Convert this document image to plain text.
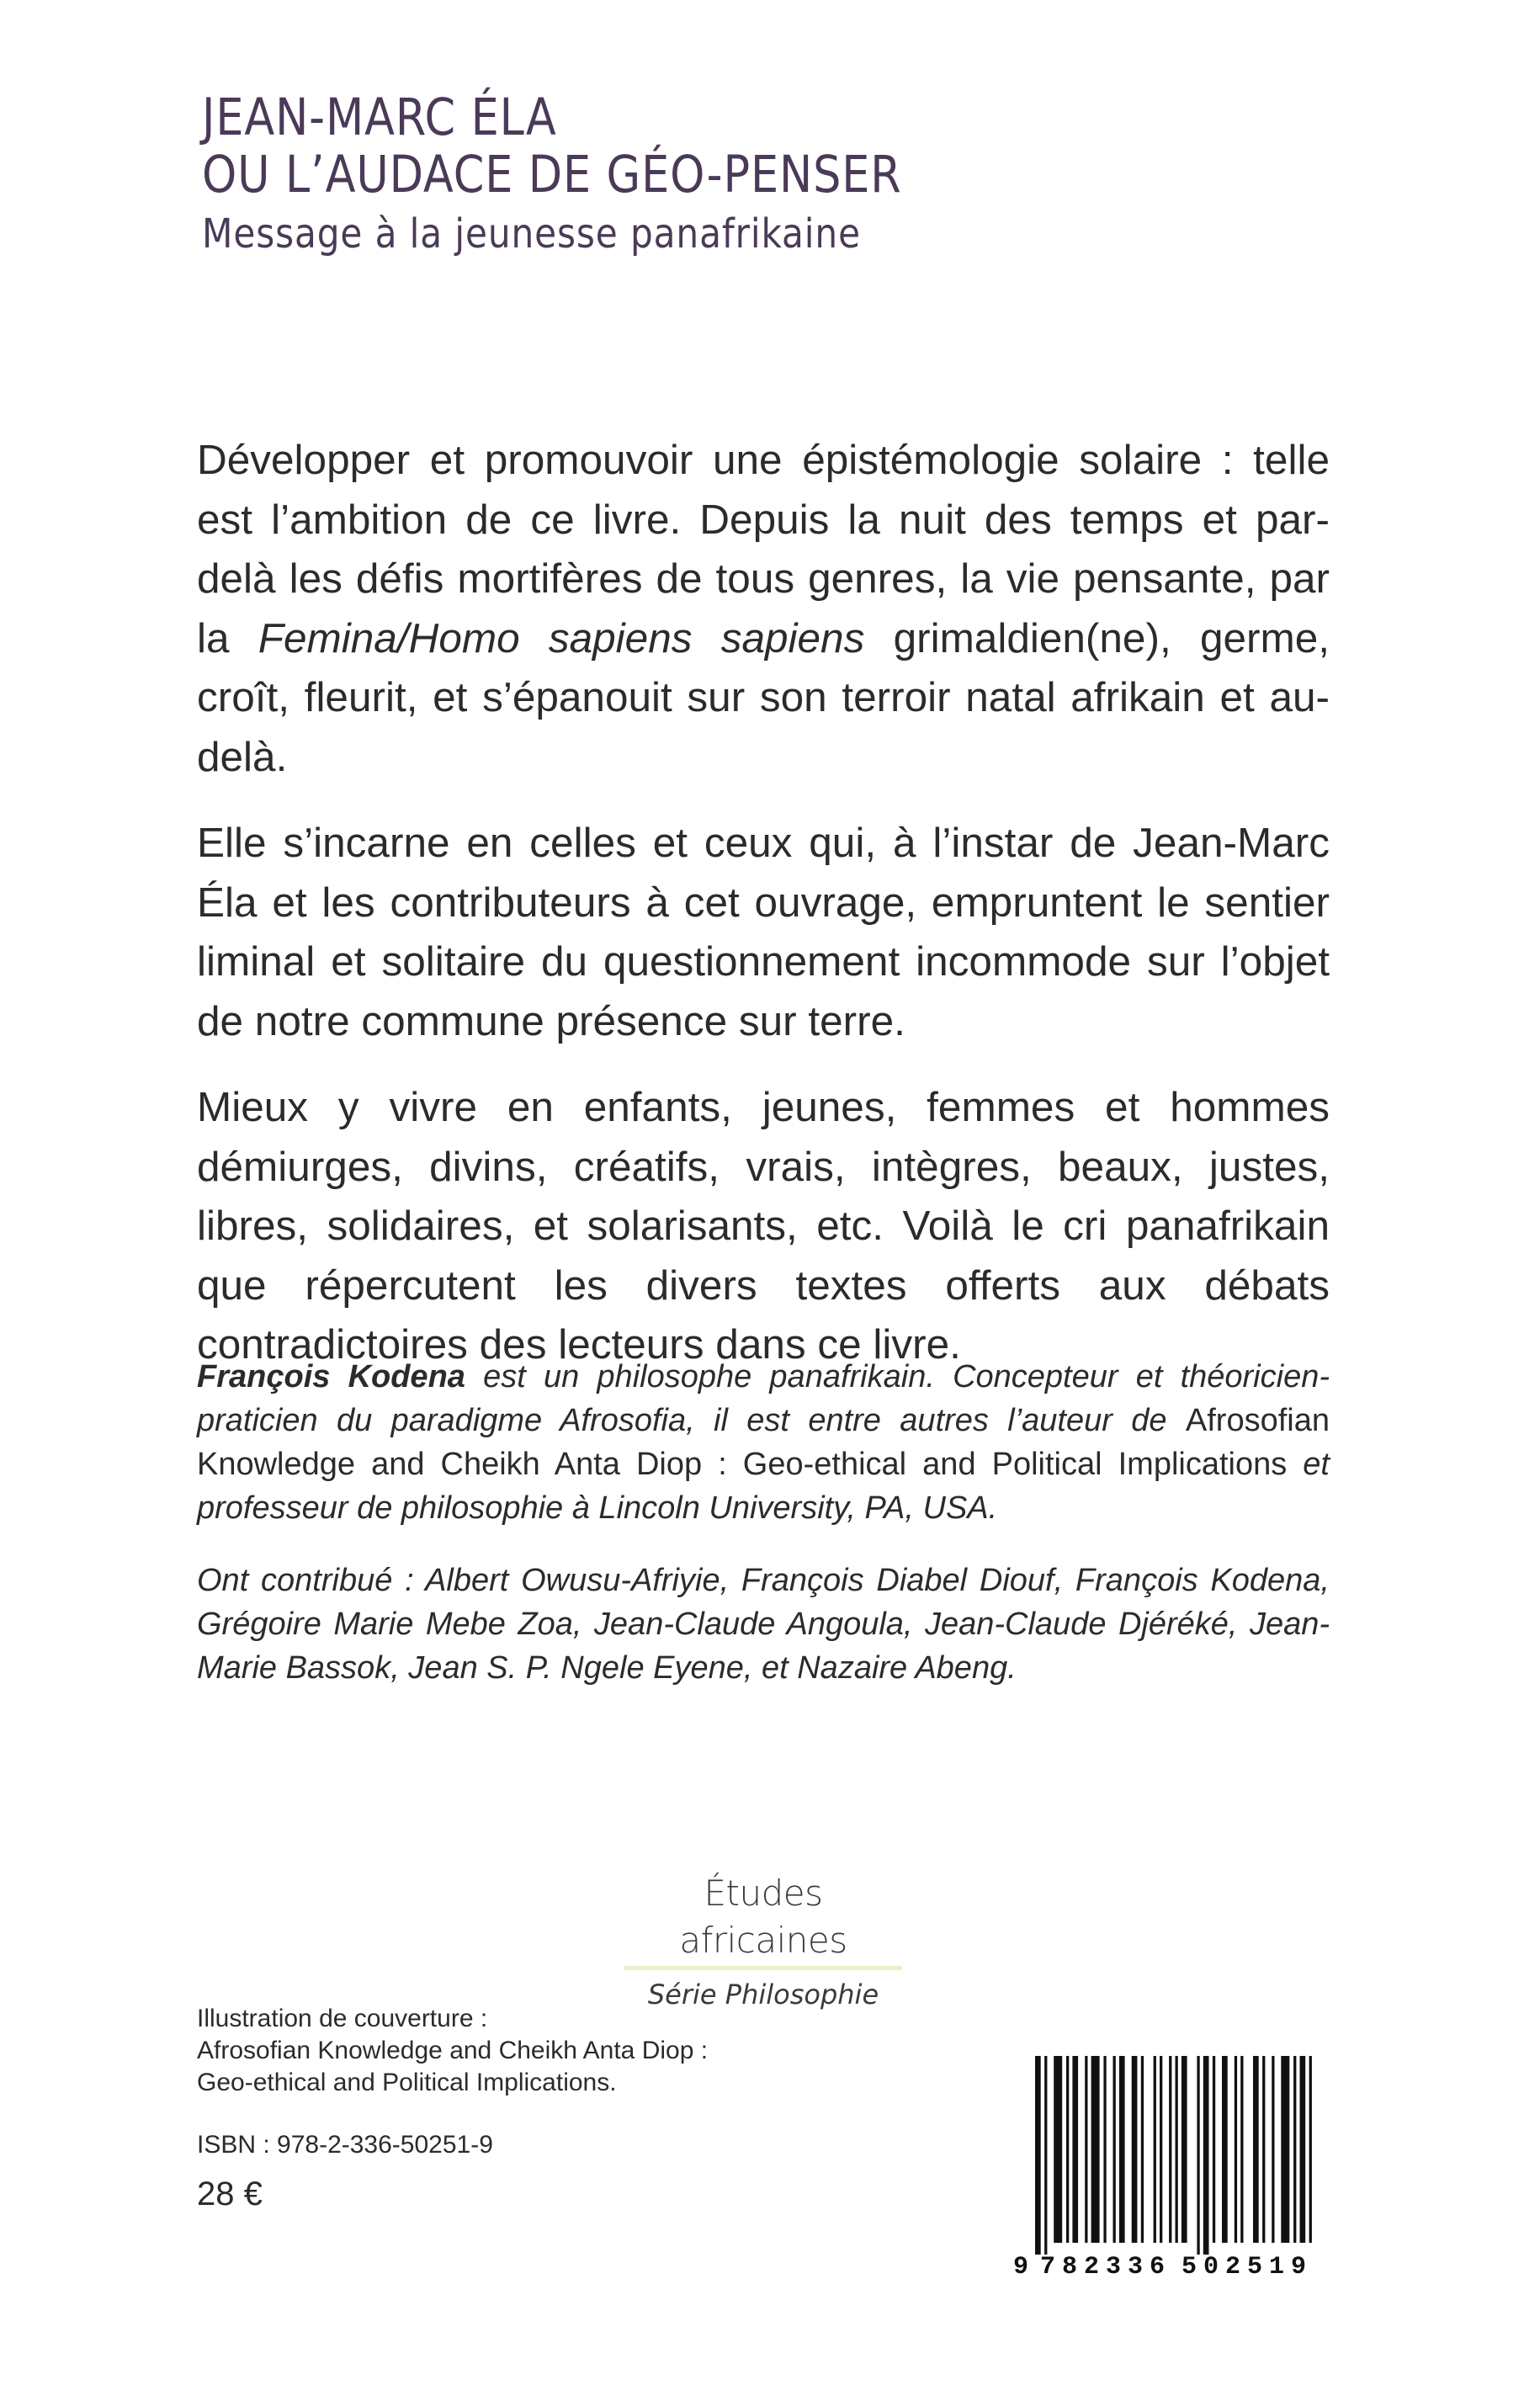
JEAN-MARC ÉLA
OU L’AUDACE DE GÉO-PENSER
Message à la jeunesse panafrikaine

Développer et promouvoir une épistémologie solaire : telle est l’ambition de ce livre. Depuis la nuit des temps et par-delà les défis mortifères de tous genres, la vie pensante, par la Femina/Homo sapiens sapiens grimaldien(ne), germe, croît, fleurit, et s’épanouit sur son terroir natal afrikain et au-delà.

Elle s’incarne en celles et ceux qui, à l’instar de Jean-Marc Éla et les contributeurs à cet ouvrage, empruntent le sentier liminal et solitaire du questionnement incommode sur l’objet de notre commune présence sur terre.

Mieux y vivre en enfants, jeunes, femmes et hommes démiurges, divins, créatifs, vrais, intègres, beaux, justes, libres, solidaires, et solarisants, etc. Voilà le cri panafrikain que répercutent les divers textes offerts aux débats contradictoires des lecteurs dans ce livre.

François Kodena est un philosophe panafrikain. Concepteur et théoricien-praticien du paradigme Afrosofia, il est entre autres l’auteur de Afrosofian Knowledge and Cheikh Anta Diop : Geo-ethical and Political Implications et professeur de philosophie à Lincoln University, PA, USA.

Ont contribué : Albert Owusu-Afriyie, François Diabel Diouf, François Kodena, Grégoire Marie Mebe Zoa, Jean-Claude Angoula, Jean-Claude Djéréké, Jean-Marie Bassok, Jean S. P. Ngele Eyene, et Nazaire Abeng.

Études africaines
Série Philosophie
Illustration de couverture :
Afrosofian Knowledge and Cheikh Anta Diop :
Geo-ethical and Political Implications.
ISBN : 978-2-336-50251-9
28 €
9 782336 502519
